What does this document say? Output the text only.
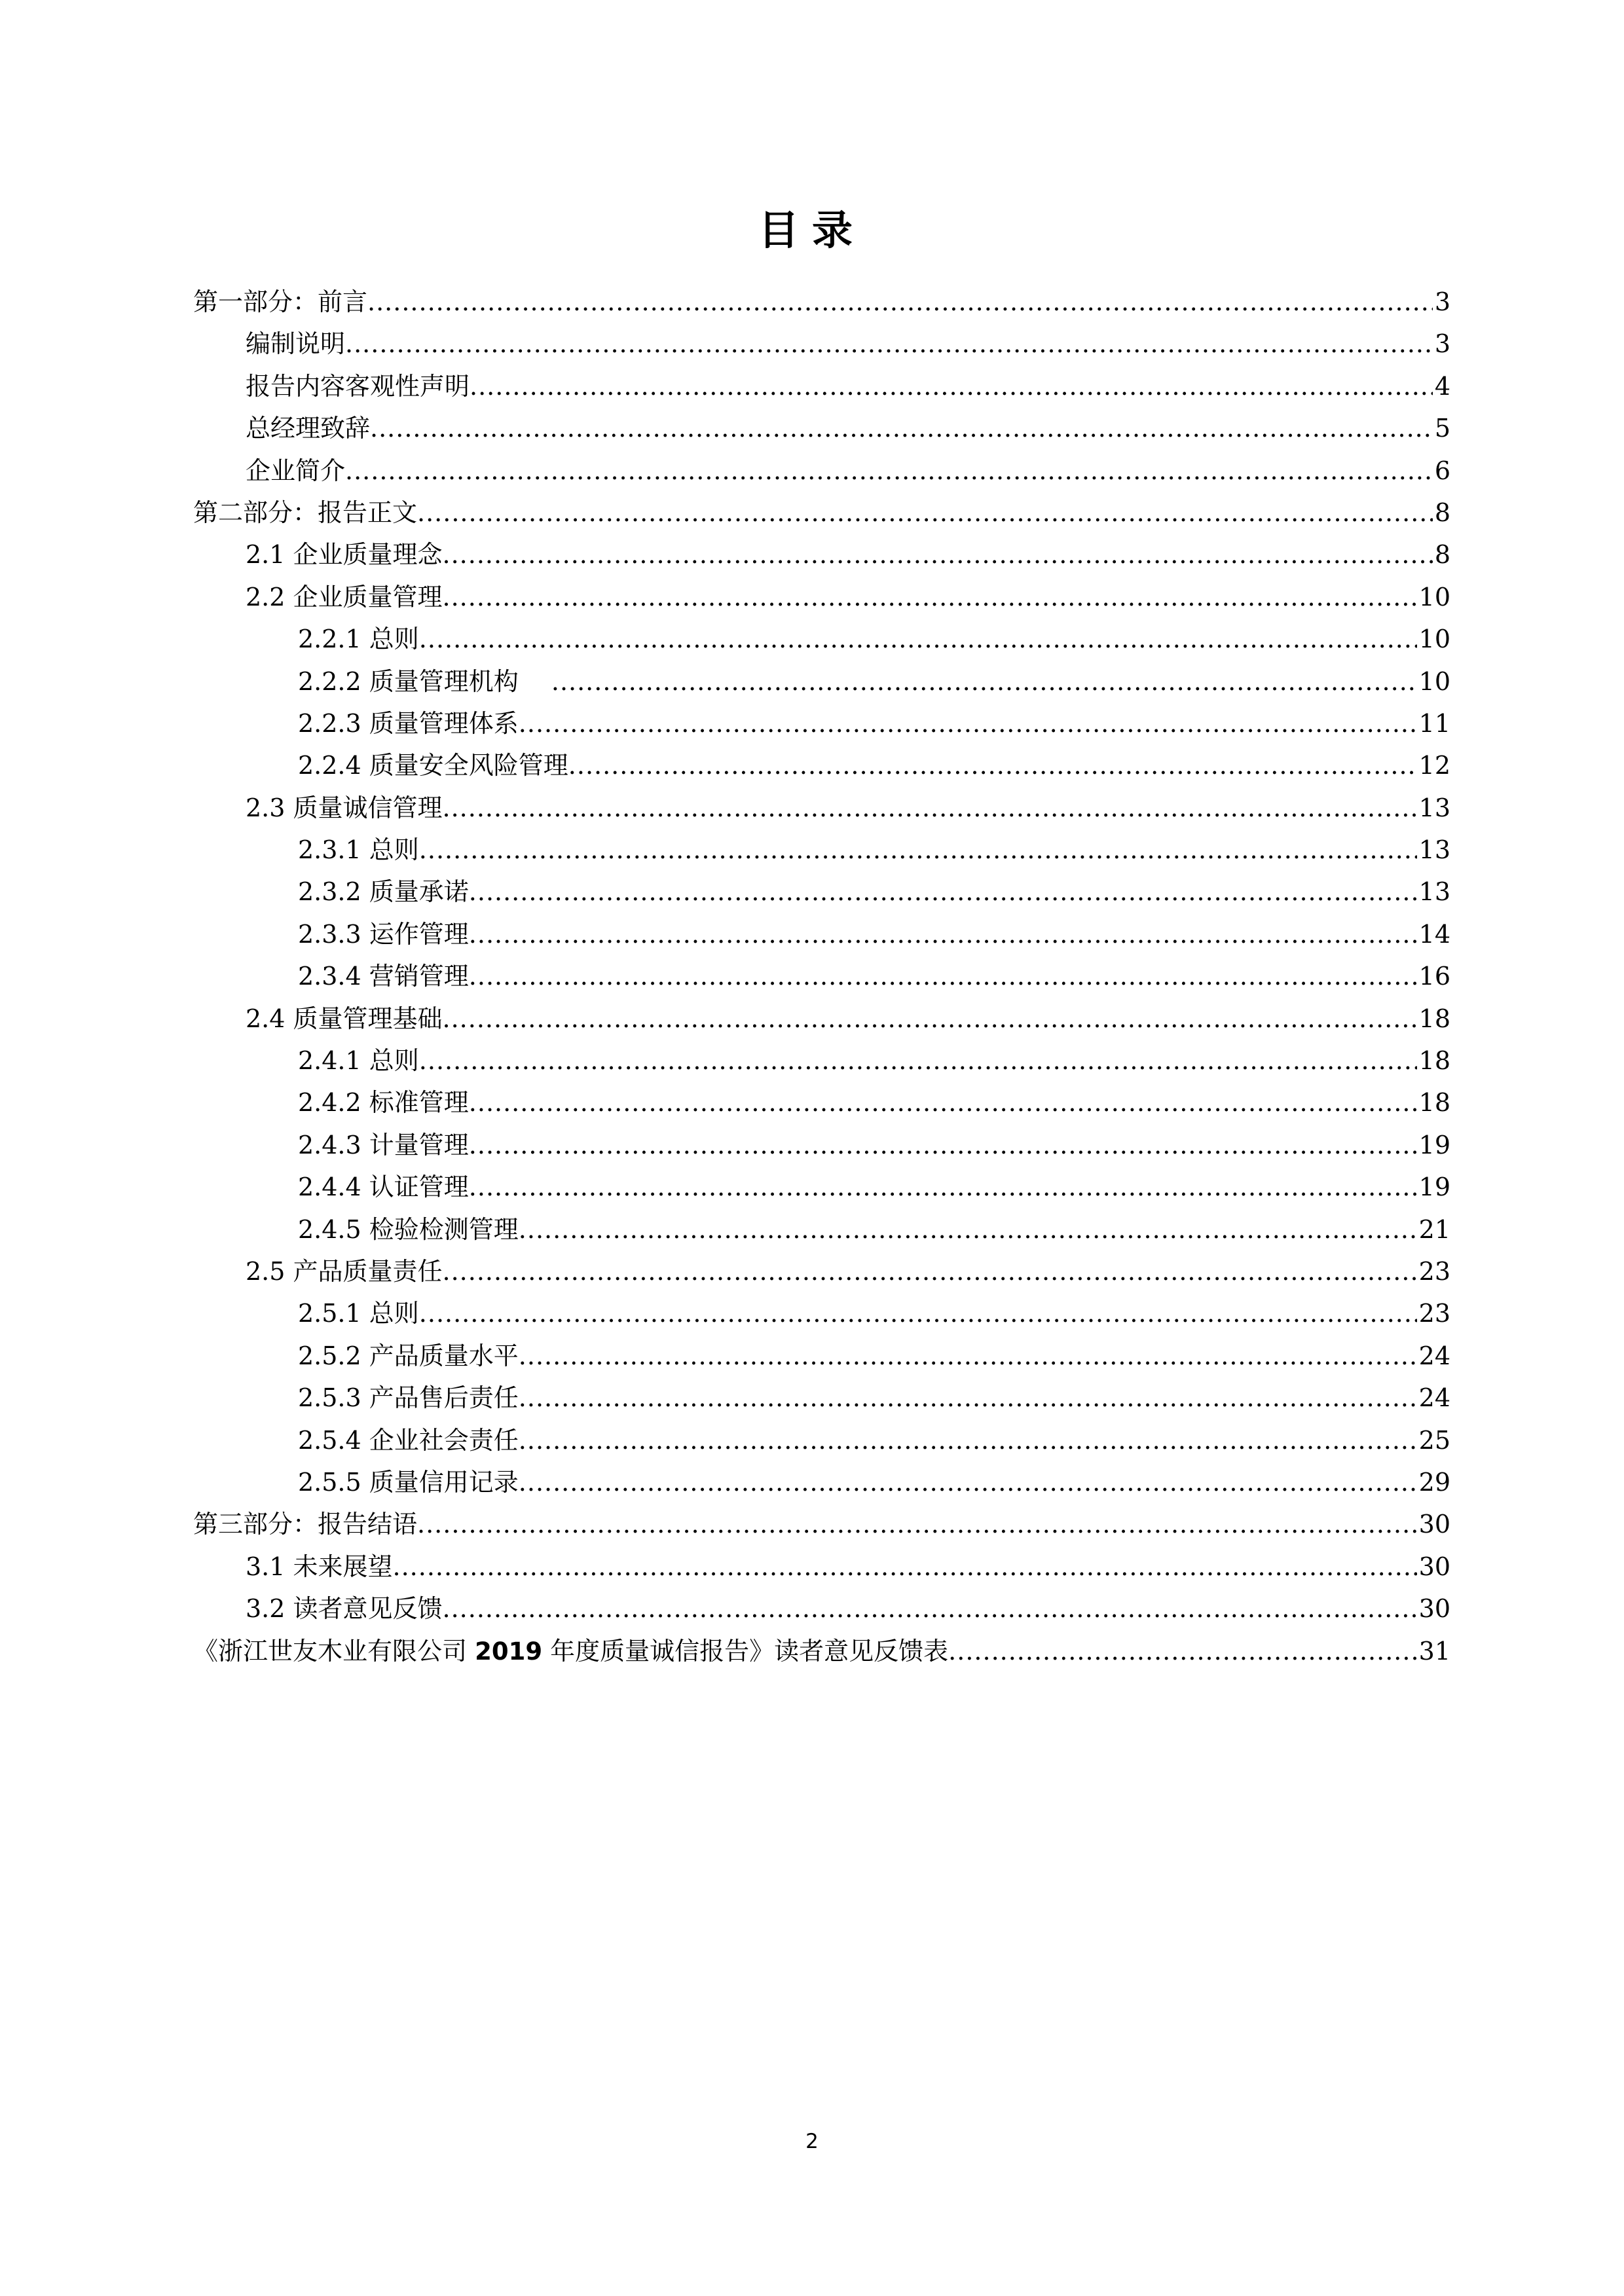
目录
第一部分：前言 .....	3
编制说明 .....	3
报告内容客观性声明 .....	4
总经理致辞 .....	5
企业简介 .....	6
第二部分：报告正文 .....	8
2.1 企业质量理念 .....	8
2.2 企业质量管理 .....	10
2.2.1 总则 .....	10
2.2.2 质量管理机构　 .....	10
2.2.3 质量管理体系 .....	11
2.2.4 质量安全风险管理 .....	12
2.3 质量诚信管理 .....	13
2.3.1 总则 .....	13
2.3.2 质量承诺 .....	13
2.3.3 运作管理 .....	14
2.3.4 营销管理 .....	16
2.4 质量管理基础 .....	18
2.4.1 总则 .....	18
2.4.2 标准管理 .....	18
2.4.3 计量管理 .....	19
2.4.4 认证管理 .....	19
2.4.5 检验检测管理 .....	21
2.5 产品质量责任 .....	23
2.5.1 总则 .....	23
2.5.2 产品质量水平 .....	24
2.5.3 产品售后责任 .....	24
2.5.4 企业社会责任 .....	25
2.5.5 质量信用记录 .....	29
第三部分：报告结语 .....	30
3.1 未来展望 .....	30
3.2 读者意见反馈 .....	30
《浙江世友木业有限公司 2019 年度质量诚信报告》读者意见反馈表 .....	31
2
